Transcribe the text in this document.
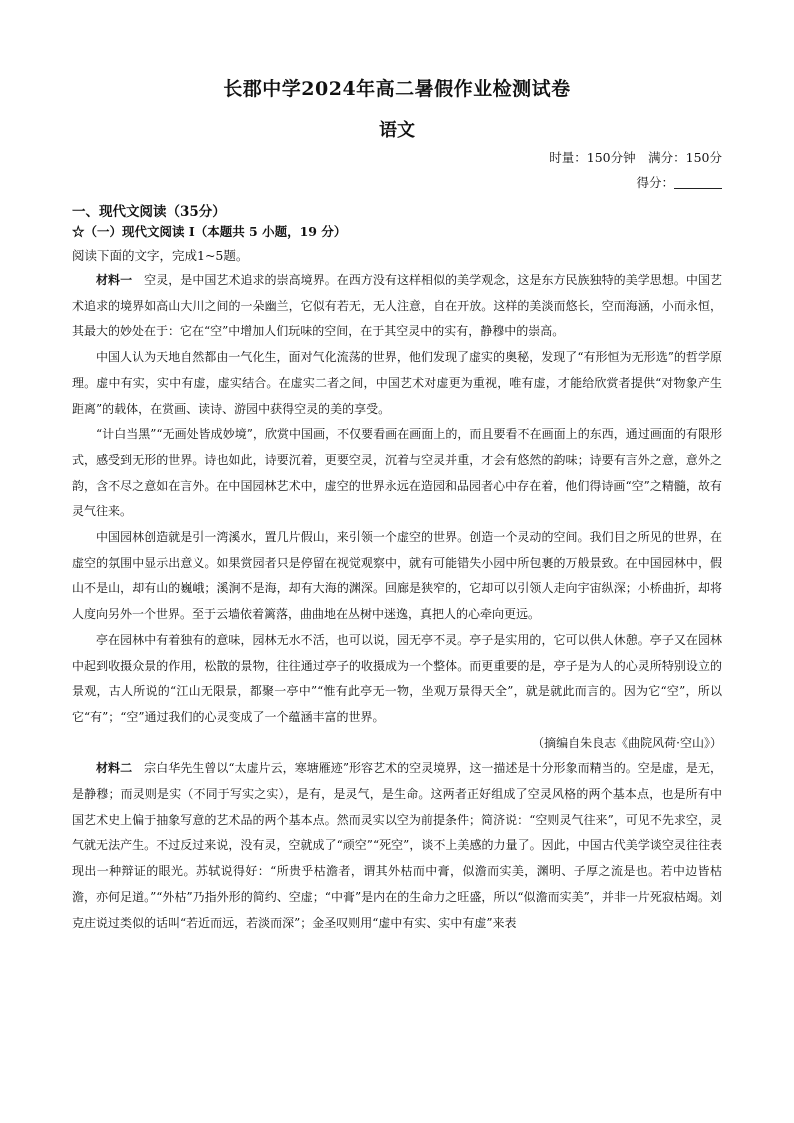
长郡中学2024年高二暑假作业检测试卷
语文
时量：150分钟　满分：150分
得分：
一、现代文阅读（35分）
☆（一）现代文阅读 I（本题共 5 小题，19 分）
阅读下面的文字，完成1~5题。

材料一　空灵，是中国艺术追求的崇高境界。在西方没有这样相似的美学观念，这是东方民族独特的美学思想。中国艺术追求的境界如高山大川之间的一朵幽兰，它似有若无，无人注意，自在开放。这样的美淡而悠长，空而海涵，小而永恒，其最大的妙处在于：它在“空”中增加人们玩味的空间，在于其空灵中的实有，静穆中的崇高。

中国人认为天地自然都由一气化生，面对气化流荡的世界，他们发现了虚实的奥秘，发现了“有形恒为无形选”的哲学原理。虚中有实，实中有虚，虚实结合。在虚实二者之间，中国艺术对虚更为重视，唯有虚，才能给欣赏者提供“对物象产生距离”的载体，在赏画、读诗、游园中获得空灵的美的享受。

“计白当黑”“无画处皆成妙境”，欣赏中国画，不仅要看画在画面上的，而且要看不在画面上的东西，通过画面的有限形式，感受到无形的世界。诗也如此，诗要沉着，更要空灵，沉着与空灵并重，才会有悠然的韵味；诗要有言外之意，意外之韵，含不尽之意如在言外。在中国园林艺术中，虚空的世界永远在造园和品园者心中存在着，他们得诗画“空”之精髓，故有灵气往来。

中国园林创造就是引一湾溪水，置几片假山，来引领一个虚空的世界。创造一个灵动的空间。我们目之所见的世界，在虚空的氛围中显示出意义。如果赏园者只是停留在视觉观察中，就有可能错失小园中所包裹的万般景致。在中国园林中，假山不是山，却有山的巍峨；溪涧不是海，却有大海的渊深。回廊是狭窄的，它却可以引领人走向宇宙纵深；小桥曲折，却将人度向另外一个世界。至于云墙依着篱落，曲曲地在丛树中迷逸，真把人的心牵向更远。

亭在园林中有着独有的意味，园林无水不活，也可以说，园无亭不灵。亭子是实用的，它可以供人休憩。亭子又在园林中起到收摄众景的作用，松散的景物，往往通过亭子的收摄成为一个整体。而更重要的是，亭子是为人的心灵所特别设立的景观，古人所说的“江山无限景，都聚一亭中”“惟有此亭无一物，坐观万景得天全”，就是就此而言的。因为它“空”，所以它“有”；“空”通过我们的心灵变成了一个蕴涵丰富的世界。

（摘编自朱良志《曲院风荷·空山》）

材料二　宗白华先生曾以“太虚片云，寒塘雁迹”形容艺术的空灵境界，这一描述是十分形象而精当的。空是虚，是无，是静穆；而灵则是实（不同于写实之实），是有，是灵气，是生命。这两者正好组成了空灵风格的两个基本点，也是所有中国艺术史上偏于抽象写意的艺术品的两个基本点。然而灵实以空为前提条件；简济说：“空则灵气往来”，可见不先求空，灵气就无法产生。不过反过来说，没有灵，空就成了“顽空”“死空”，谈不上美感的力量了。因此，中国古代美学谈空灵往往表现出一种辩证的眼光。苏轼说得好：“所贵乎枯澹者，谓其外枯而中膏，似澹而实美，渊明、子厚之流是也。若中边皆枯澹，亦何足道。”“外枯”乃指外形的简约、空虚；“中膏”是内在的生命力之旺盛，所以“似澹而实美”，并非一片死寂枯竭。刘克庄说过类似的话叫“若近而远，若淡而深”；金圣叹则用“虚中有实、实中有虚”来表
